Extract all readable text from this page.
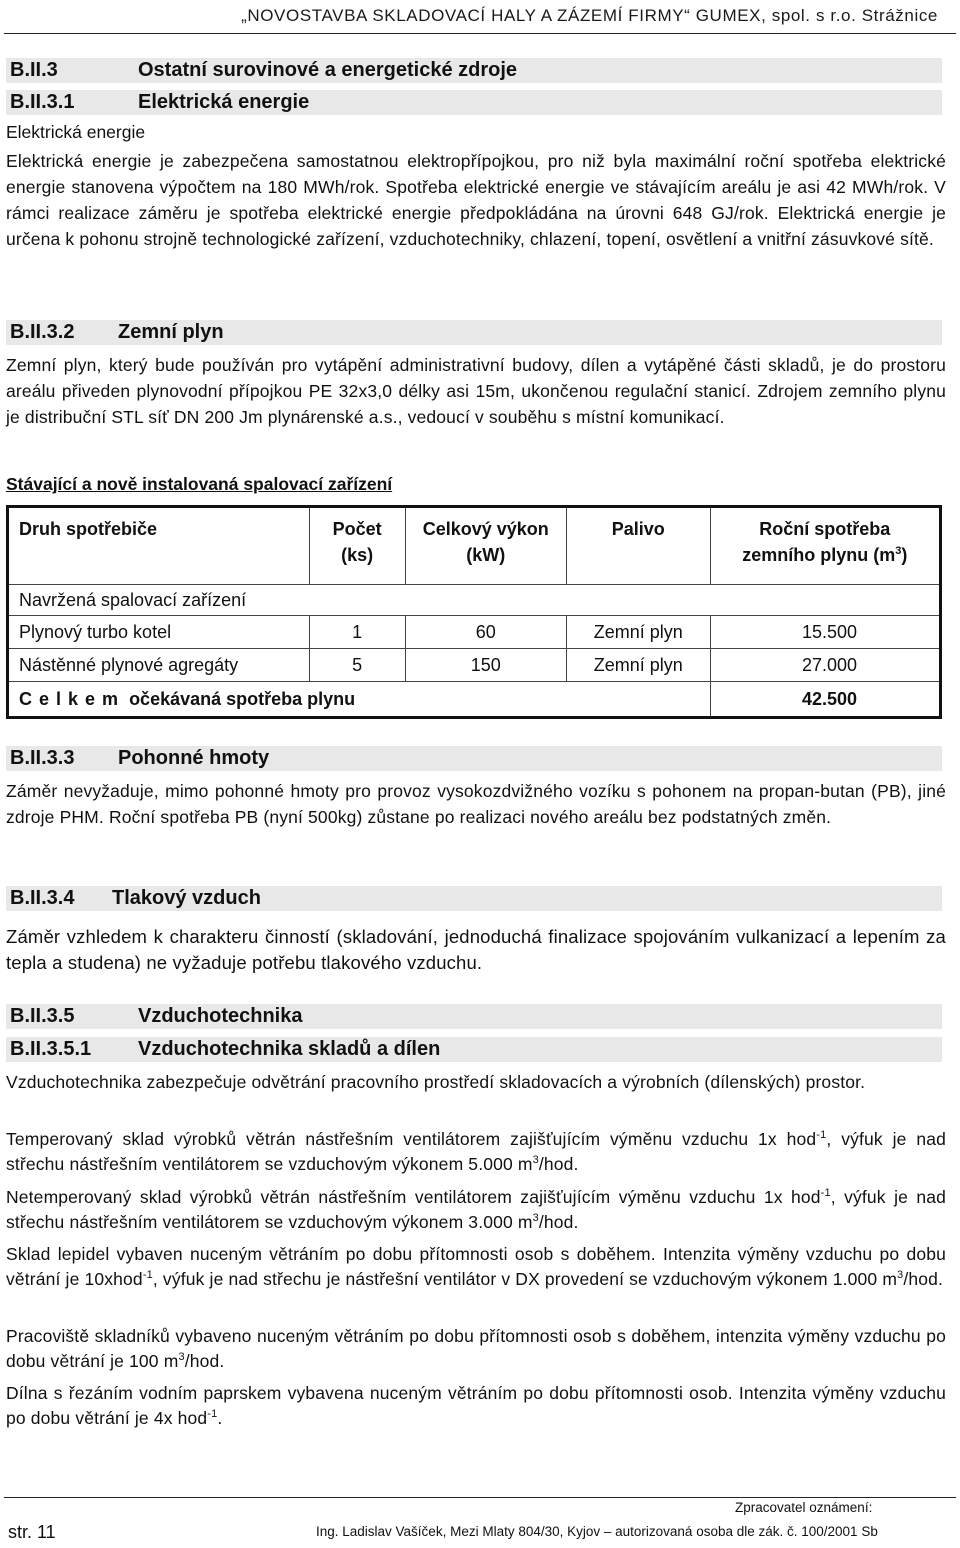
„NOVOSTAVBA SKLADOVACÍ HALY A ZÁZEMÍ FIRMY“ GUMEX, spol. s r.o. Strážnice
B.II.3	Ostatní surovinové a energetické zdroje
B.II.3.1	Elektrická energie

Elektrická energie

Elektrická energie je zabezpečena samostatnou elektropřípojkou, pro niž byla maximální roční spotřeba elektrické energie stanovena výpočtem na 180 MWh/rok. Spotřeba elektrické energie ve stávajícím areálu je asi 42 MWh/rok. V rámci realizace záměru je spotřeba elektrické energie předpokládána na úrovni 648 GJ/rok. Elektrická energie je určena k pohonu strojně technologické zařízení, vzduchotechniky, chlazení, topení, osvětlení a vnitřní zásuvkové sítě.

B.II.3.2 Zemní plyn

Zemní plyn, který bude používán pro vytápění administrativní budovy, dílen a vytápěné části skladů, je do prostoru areálu přiveden plynovodní přípojkou PE 32x3,0 délky asi 15m, ukončenou regulační stanicí. Zdrojem zemního plynu je distribuční STL síť DN 200 Jm plynárenské a.s., vedoucí v souběhu s místní komunikací.

Stávající a nově instalovaná spalovací zařízení

Druh spotřebiče	Počet (ks)	Celkový výkon (kW)	Palivo	Roční spotřeba zemního plynu $(m^3)$
Navržená spalovací zařízení				
Plynový turbo kotel	1	60	Zemní plyn	15.500
Nástěnné plynové agregáty	5	150	Zemní plyn	27.000
C e l k e m očekávaná spotřeba plynu				42.500
B.II.3.3 Pohonné hmoty

Záměr nevyžaduje, mimo pohonné hmoty pro provoz vysokozdvižného vozíku s pohonem na propan-butan (PB), jiné zdroje PHM. Roční spotřeba PB (nyní 500kg) zůstane po realizaci nového areálu bez podstatných změn.

B.II.3.4 Tlakový vzduch

Záměr vzhledem k charakteru činností (skladování, jednoduchá finalizace spojováním vulkanizací a lepením za tepla a studena) ne vyžaduje potřebu tlakového vzduchu.

B.II.3.5	Vzduchotechnika
B.II.3.5.1 Vzduchotechnika skladů a dílen

Vzduchotechnika zabezpečuje odvětrání pracovního prostředí skladovacích a výrobních (dílenských) prostor.

Temperovaný sklad výrobků větrán nástřešním ventilátorem zajišťujícím výměnu vzduchu 1x hod$^{-1}$, výfuk je nad střechu nástřešním ventilátorem se vzduchovým výkonem 5.000 $m^3$/hod.

Netemperovaný sklad výrobků větrán nástřešním ventilátorem zajišťujícím výměnu vzduchu 1x hod$^{-1}$, výfuk je nad střechu nástřešním ventilátorem se vzduchovým výkonem 3.000 $m^3$/hod.

Sklad lepidel vybaven nuceným větráním po dobu přítomnosti osob s doběhem. Intenzita výměny vzduchu po dobu větrání je 10xhod$^{-1}$, výfuk je nad střechu je nástřešní ventilátor v DX provedení se vzduchovým výkonem 1.000 $m^3$/hod.

Pracoviště skladníků vybaveno nuceným větráním po dobu přítomnosti osob s doběhem, intenzita výměny vzduchu po dobu větrání je 100 $m^3$/hod.

Dílna s řezáním vodním paprskem vybavena nuceným větráním po dobu přítomnosti osob. Intenzita výměny vzduchu po dobu větrání je 4x hod$^{-1}$.

str. 11
Zpracovatel oznámení:
Ing. Ladislav Vašíček, Mezi Mlaty 804/30, Kyjov – autorizovaná osoba dle zák. č. 100/2001 Sb
